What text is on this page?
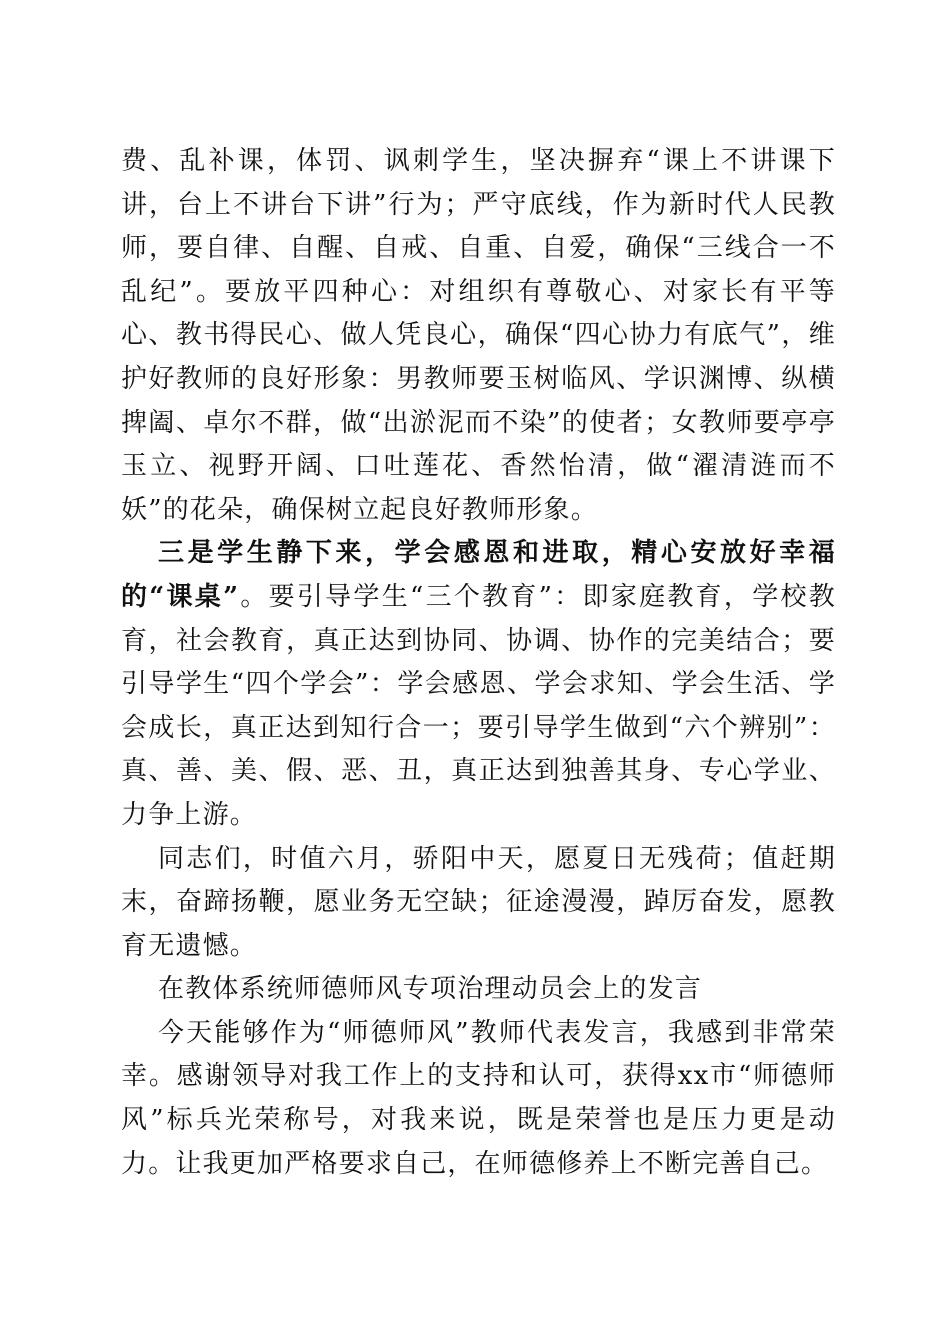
费、乱补课，体罚、讽刺学生，坚决摒弃“课上不讲课下讲，台上不讲台下讲”行为；严守底线，作为新时代人民教师，要自律、自醒、自戒、自重、自爱，确保“三线合一不乱纪”。要放平四种心：对组织有尊敬心、对家长有平等心、教书得民心、做人凭良心，确保“四心协力有底气”，维护好教师的良好形象：男教师要玉树临风、学识渊博、纵横捭阖、卓尔不群，做“出淤泥而不染”的使者；女教师要亭亭玉立、视野开阔、口吐莲花、香然怡清，做“濯清涟而不妖”的花朵，确保树立起良好教师形象。

三是学生静下来，学会感恩和进取，精心安放好幸福的“课桌”。要引导学生“三个教育”：即家庭教育，学校教育，社会教育，真正达到协同、协调、协作的完美结合；要引导学生“四个学会”：学会感恩、学会求知、学会生活、学会成长，真正达到知行合一；要引导学生做到“六个辨别”：真、善、美、假、恶、丑，真正达到独善其身、专心学业、力争上游。

同志们，时值六月，骄阳中天，愿夏日无残荷；值赶期末，奋蹄扬鞭，愿业务无空缺；征途漫漫，踔厉奋发，愿教育无遗憾。

在教体系统师德师风专项治理动员会上的发言

今天能够作为“师德师风”教师代表发言，我感到非常荣幸。感谢领导对我工作上的支持和认可，获得xx市“师德师风”标兵光荣称号，对我来说，既是荣誉也是压力更是动力。让我更加严格要求自己，在师德修养上不断完善自己。
